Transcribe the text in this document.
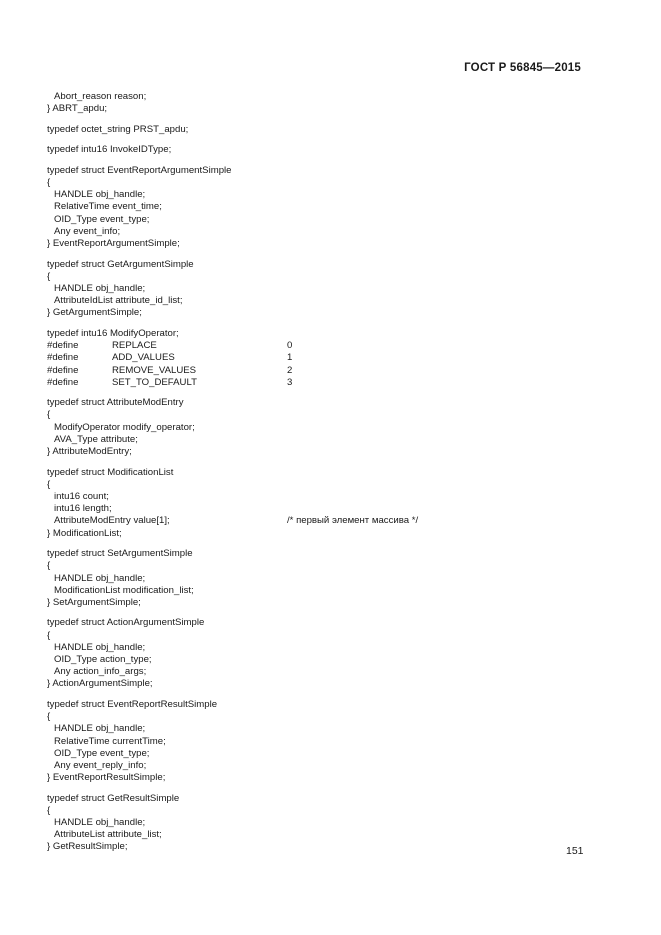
ГОСТ Р 56845—2015
Abort_reason reason;
} ABRT_apdu;
typedef octet_string PRST_apdu;
typedef intu16 InvokeIDType;
typedef struct EventReportArgumentSimple
{
HANDLE obj_handle;
RelativeTime event_time;
OID_Type event_type;
Any event_info;
} EventReportArgumentSimple;
typedef struct GetArgumentSimple
{
HANDLE obj_handle;
AttributeIdList attribute_id_list;
} GetArgumentSimple;
typedef intu16 ModifyOperator;
#define	REPLACE	0
#define	ADD_VALUES	1
#define	REMOVE_VALUES	2
#define	SET_TO_DEFAULT	3
typedef struct AttributeModEntry
{
ModifyOperator modify_operator;
AVA_Type attribute;
} AttributeModEntry;
typedef struct ModificationList
{
intu16 count;
intu16 length;
AttributeModEntry value[1];	/* первый элемент массива */
} ModificationList;
typedef struct SetArgumentSimple
{
HANDLE obj_handle;
ModificationList modification_list;
} SetArgumentSimple;
typedef struct ActionArgumentSimple
{
HANDLE obj_handle;
OID_Type action_type;
Any action_info_args;
} ActionArgumentSimple;
typedef struct EventReportResultSimple
{
HANDLE obj_handle;
RelativeTime currentTime;
OID_Type event_type;
Any event_reply_info;
} EventReportResultSimple;
typedef struct GetResultSimple
{
HANDLE obj_handle;
AttributeList attribute_list;
} GetResultSimple;	151
